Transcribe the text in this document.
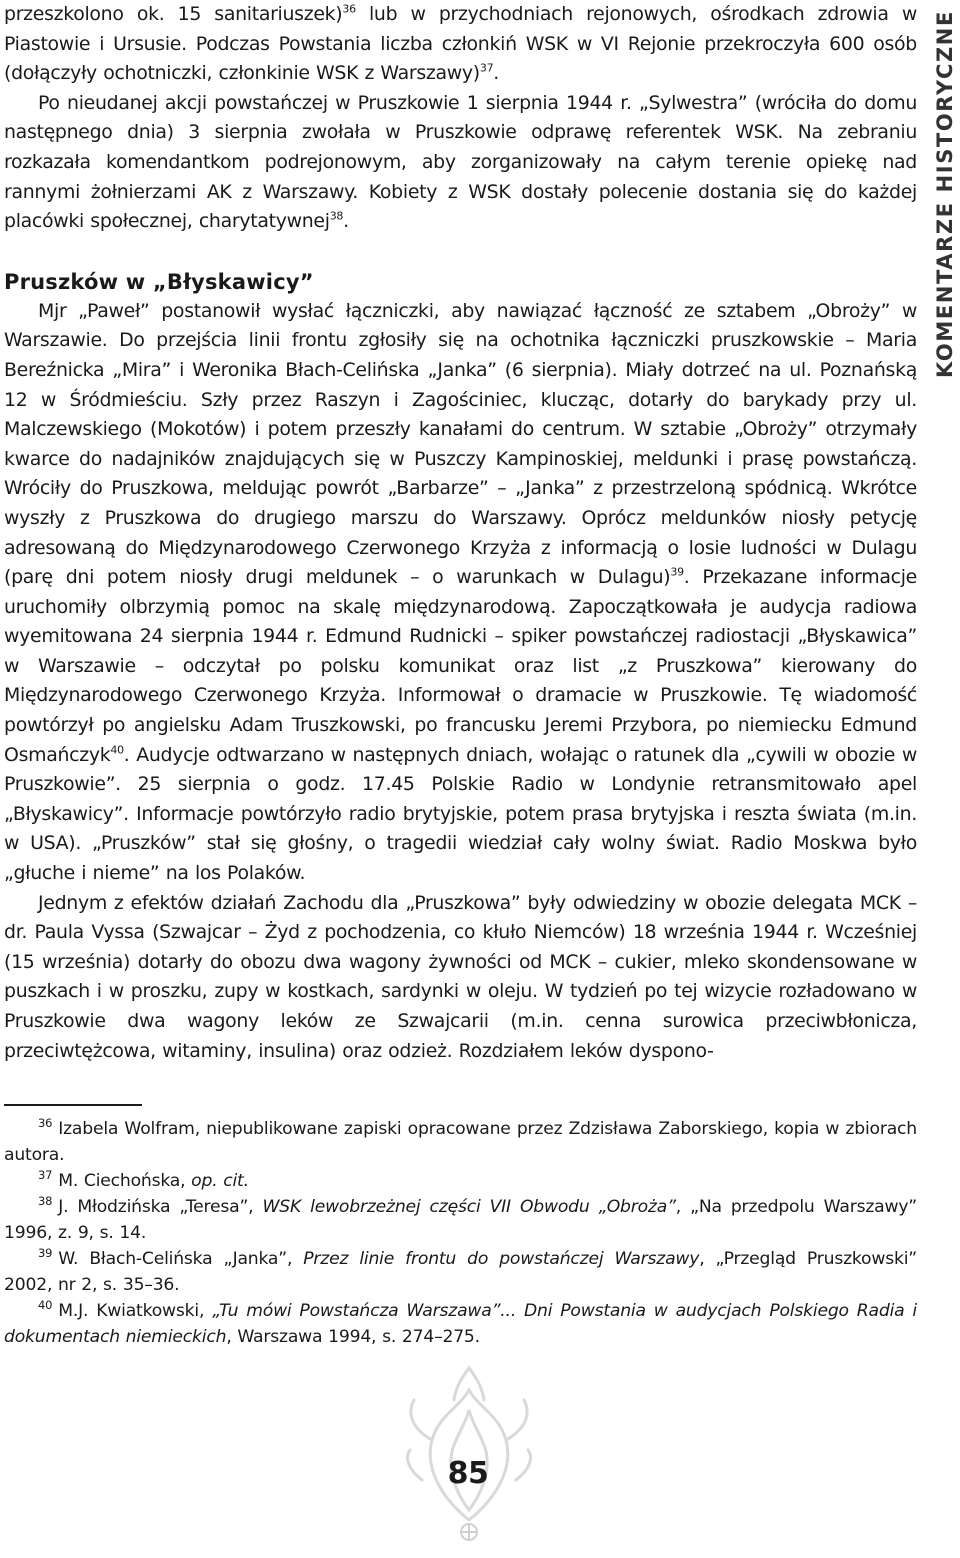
przeszkolono ok. 15 sanitariuszek)$^{36}$ lub w przychodniach rejonowych, ośrodkach zdrowia w Piastowie i Ursusie. Podczas Powstania liczba członkiń WSK w VI Rejonie przekroczyła 600 osób (dołączyły ochotniczki, członkinie WSK z Warszawy)$^{37}$.

Po nieudanej akcji powstańczej w Pruszkowie 1 sierpnia 1944 r. „Sylwestra” (wróciła do domu następnego dnia) 3 sierpnia zwołała w Pruszkowie odprawę referentek WSK. Na zebraniu rozkazała komendantkom podrejonowym, aby zorganizowały na całym terenie opiekę nad rannymi żołnierzami AK z Warszawy. Kobiety z WSK dostały polecenie dostania się do każdej placówki społecznej, charytatywnej$^{38}$.

Pruszków w „Błyskawicy”

Mjr „Paweł” postanowił wysłać łączniczki, aby nawiązać łączność ze sztabem „Obroży” w Warszawie. Do przejścia linii frontu zgłosiły się na ochotnika łączniczki pruszkowskie – Maria Bereźnicka „Mira” i Weronika Błach-Celińska „Janka” (6 sierpnia). Miały dotrzeć na ul. Poznańską 12 w Śródmieściu. Szły przez Raszyn i Zagościniec, klucząc, dotarły do barykady przy ul. Malczewskiego (Mokotów) i potem przeszły kanałami do centrum. W sztabie „Obroży” otrzymały kwarce do nadajników znajdujących się w Puszczy Kampinoskiej, meldunki i prasę powstańczą. Wróciły do Pruszkowa, meldując powrót „Barbarze” – „Janka” z przestrzeloną spódnicą. Wkrótce wyszły z Pruszkowa do drugiego marszu do Warszawy. Oprócz meldunków niosły petycję adresowaną do Międzynarodowego Czerwonego Krzyża z informacją o losie ludności w Dulagu (parę dni potem niosły drugi meldunek – o warunkach w Dulagu)$^{39}$. Przekazane informacje uruchomiły olbrzymią pomoc na skalę międzynarodową. Zapoczątkowała je audycja radiowa wyemitowana 24 sierpnia 1944 r. Edmund Rudnicki – spiker powstańczej radiostacji „Błyskawica” w Warszawie – odczytał po polsku komunikat oraz list „z Pruszkowa” kierowany do Międzynarodowego Czerwonego Krzyża. Informował o dramacie w Pruszkowie. Tę wiadomość powtórzył po angielsku Adam Truszkowski, po francusku Jeremi Przybora, po niemiecku Edmund Osmańczyk$^{40}$. Audycje odtwarzano w następnych dniach, wołając o ratunek dla „cywili w obozie w Pruszkowie”. 25 sierpnia o godz. 17.45 Polskie Radio w Londynie retransmitowało apel „Błyskawicy”. Informacje powtórzyło radio brytyjskie, potem prasa brytyjska i reszta świata (m.in. w USA). „Pruszków” stał się głośny, o tragedii wiedział cały wolny świat. Radio Moskwa było „głuche i nieme” na los Polaków.

Jednym z efektów działań Zachodu dla „Pruszkowa” były odwiedziny w obozie delegata MCK – dr. Paula Vyssa (Szwajcar – Żyd z pochodzenia, co kłuło Niemców) 18 września 1944 r. Wcześniej (15 września) dotarły do obozu dwa wagony żywności od MCK – cukier, mleko skondensowane w puszkach i w proszku, zupy w kostkach, sardynki w oleju. W tydzień po tej wizycie rozładowano w Pruszkowie dwa wagony leków ze Szwajcarii (m.in. cenna surowica przeciwbłonicza, przeciwtężcowa, witaminy, insulina) oraz odzież. Rozdziałem leków dyspono-

$^{36}$ Izabela Wolfram, niepublikowane zapiski opracowane przez Zdzisława Zaborskiego, kopia w zbiorach autora.

$^{37}$ M. Ciechońska, op. cit.

$^{38}$ J. Młodzińska „Teresa”, WSK lewobrzeżnej części VII Obwodu „Obroża”, „Na przedpolu Warszawy” 1996, z. 9, s. 14.

$^{39}$ W. Błach-Celińska „Janka”, Przez linie frontu do powstańczej Warszawy, „Przegląd Pruszkowski” 2002, nr 2, s. 35–36.

$^{40}$ M.J. Kwiatkowski, „Tu mówi Powstańcza Warszawa”... Dni Powstania w audycjach Polskiego Radia i dokumentach niemieckich, Warszawa 1994, s. 274–275.

KOMENTARZE HISTORYCZNE
85
